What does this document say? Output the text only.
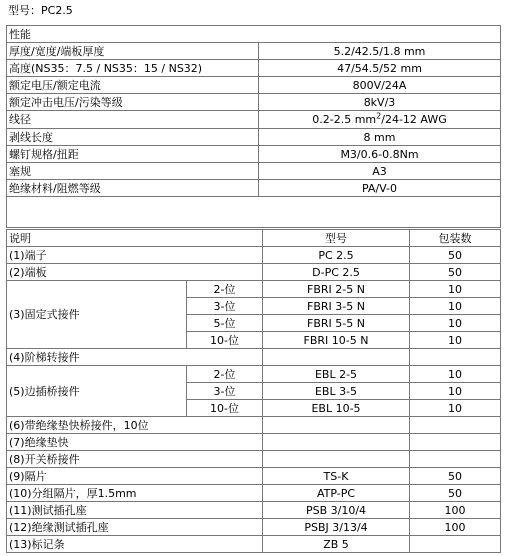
型号：PC2.5
性能	
厚度/宽度/端板厚度	5.2/42.5/1.8 mm
高度(NS35：7.5 / NS35：15 / NS32)	47/54.5/52 mm
额定电压/额定电流	800V/24A
额定冲击电压/污染等级	8kV/3
线径	0.2-2.5 $mm^2/24-12$ AWG
剥线长度	8 mm
螺钉规格/扭距	M3/0.6-0.8Nm
塞规	A3
绝缘材料/阻燃等级	PA/V-0

说明		型号	包装数
(1)端子		PC 2.5	50
(2)端板		D-PC 2.5	50
(3)固定式接件	2-位	FBRI 2-5 N	10
	3-位	FBRI 3-5 N	10
	5-位	FBRI 5-5 N	10
	10-位	FBRI 10-5 N	10
(4)阶梯转接件			
(5)边插桥接件	2-位	EBL 2-5	10
	3-位	EBL 3-5	10
	10-位	EBL 10-5	10
(6)带绝缘垫快桥接件，10位			
(7)绝缘垫快			
(8)开关桥接件			
(9)隔片		TS-K	50
(10)分组隔片，厚1.5mm		ATP-PC	50
(11)测试插孔座		PSB 3/10/4	100
(12)绝缘测试插孔座		PSBJ 3/13/4	100
(13)标记条		ZB 5	
